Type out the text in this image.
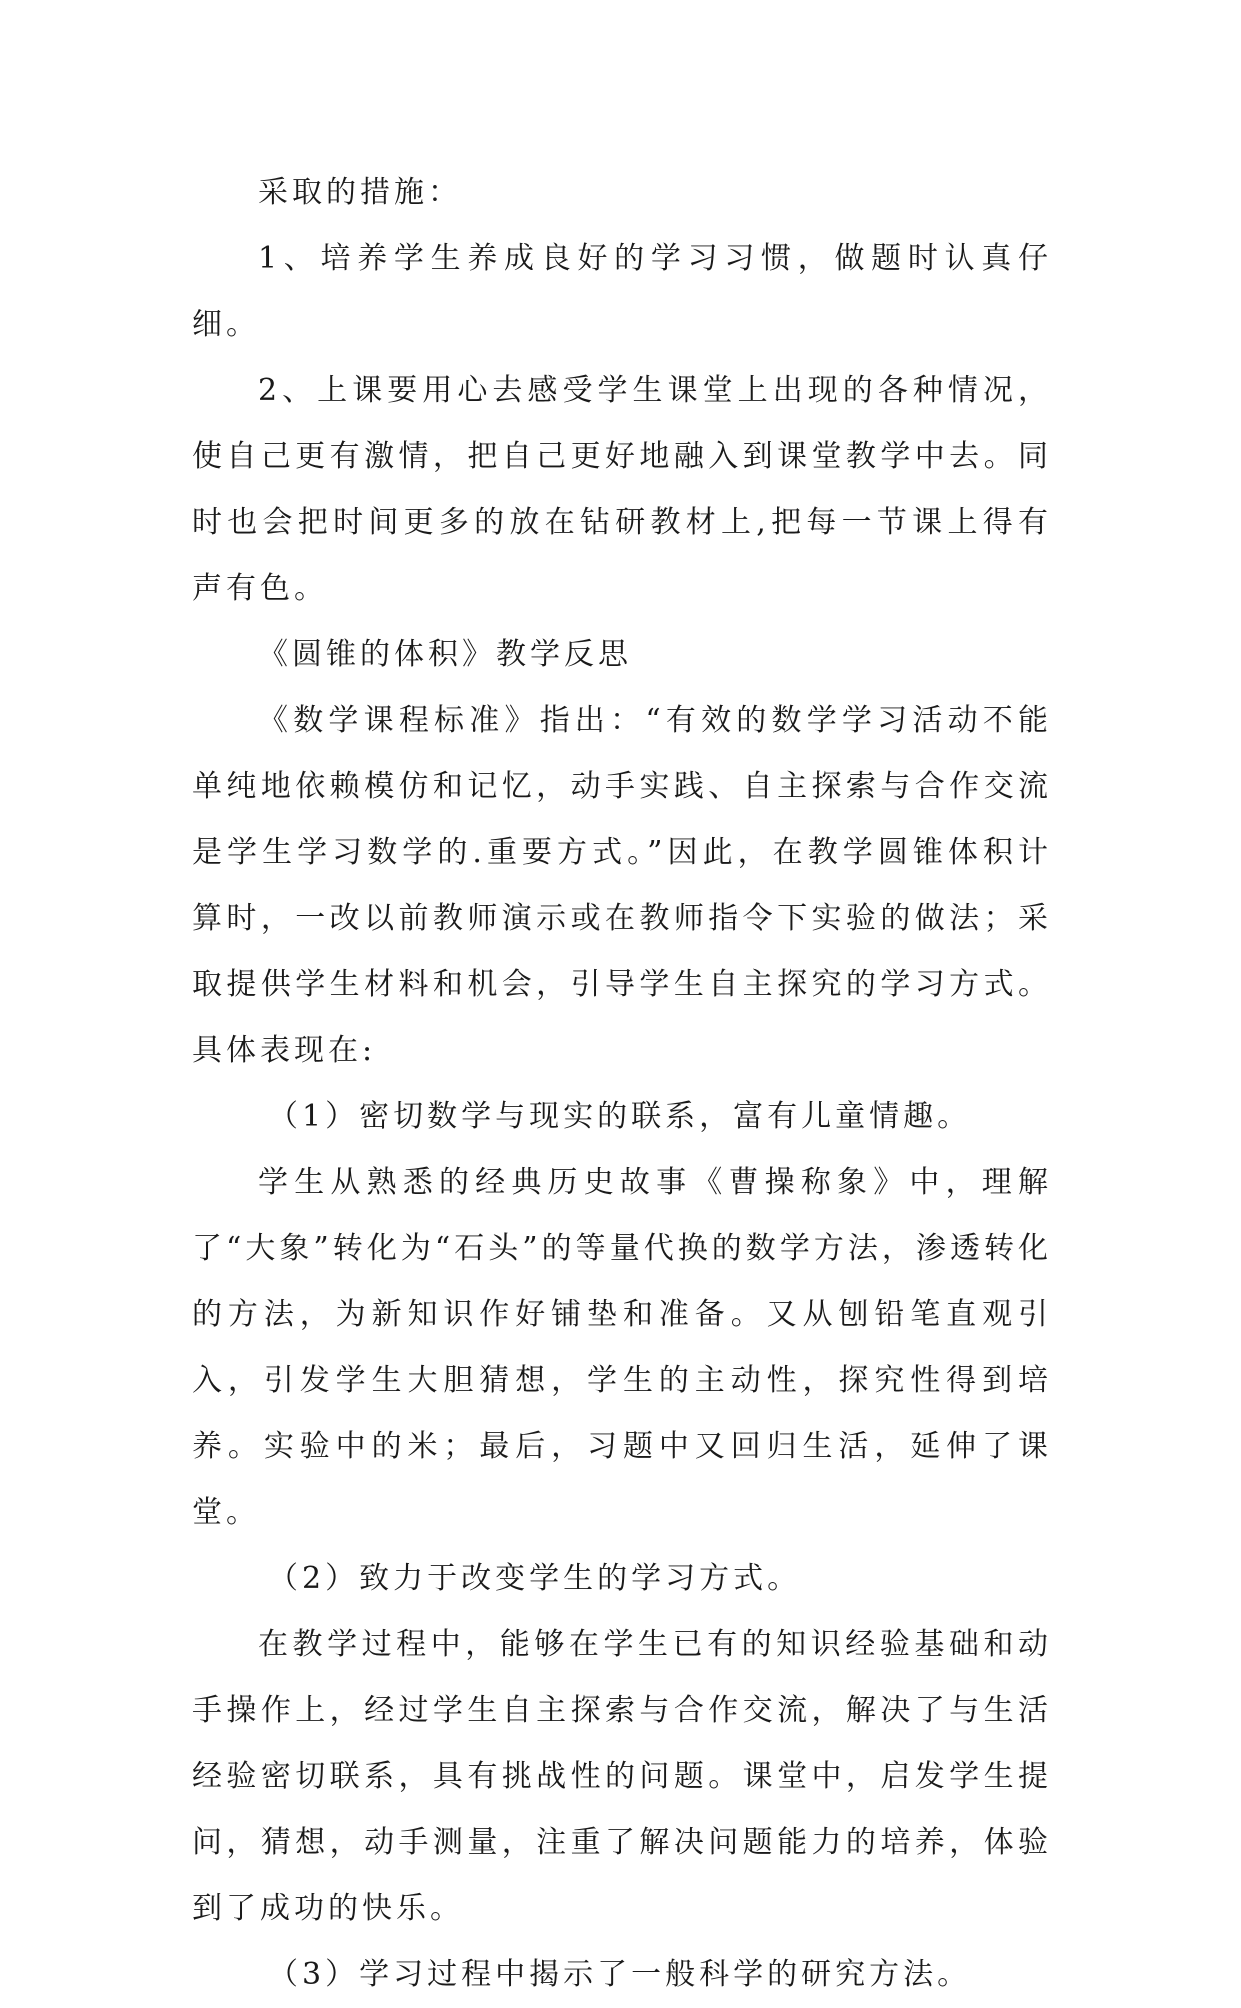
采取的措施：

1、培养学生养成良好的学习习惯，做题时认真仔细。

2、上课要用心去感受学生课堂上出现的各种情况，使自己更有激情，把自己更好地融入到课堂教学中去。同时也会把时间更多的放在钻研教材上,把每一节课上得有声有色。

《圆锥的体积》教学反思

《数学课程标准》指出：“有效的数学学习活动不能单纯地依赖模仿和记忆，动手实践、自主探索与合作交流是学生学习数学的.重要方式。”因此，在教学圆锥体积计算时，一改以前教师演示或在教师指令下实验的做法；采取提供学生材料和机会，引导学生自主探究的学习方式。具体表现在:

（1）密切数学与现实的联系，富有儿童情趣。

学生从熟悉的经典历史故事《曹操称象》中，理解了“大象”转化为“石头”的等量代换的数学方法，渗透转化的方法，为新知识作好铺垫和准备。又从刨铅笔直观引入，引发学生大胆猜想，学生的主动性，探究性得到培养。实验中的米；最后，习题中又回归生活，延伸了课堂。

（2）致力于改变学生的学习方式。

在教学过程中，能够在学生已有的知识经验基础和动手操作上，经过学生自主探索与合作交流，解决了与生活经验密切联系，具有挑战性的问题。课堂中，启发学生提问，猜想，动手测量，注重了解决问题能力的培养，体验到了成功的快乐。

（3）学习过程中揭示了一般科学的研究方法。
